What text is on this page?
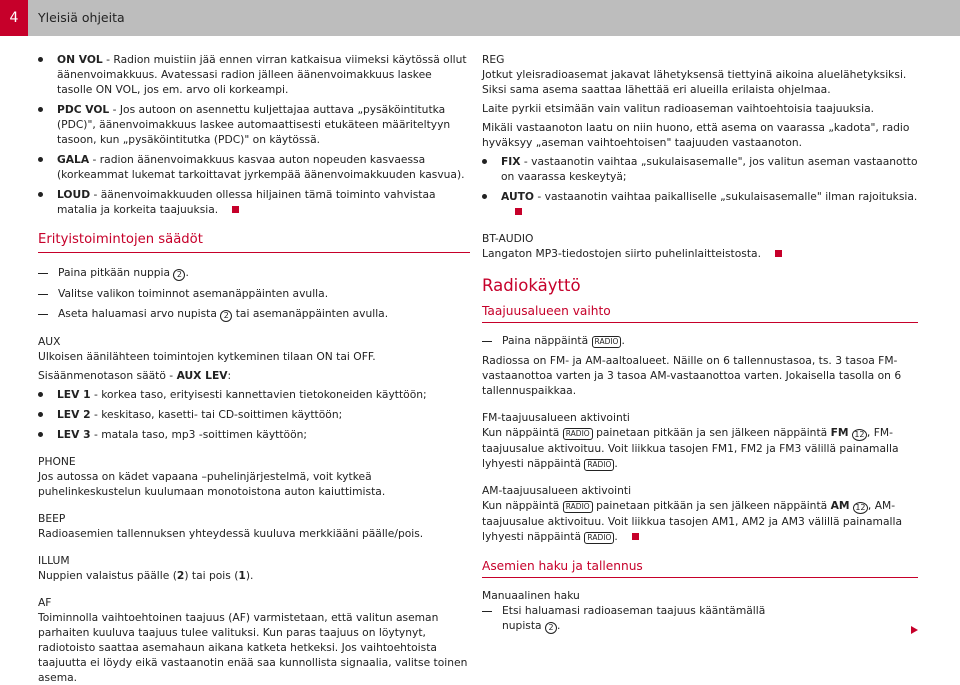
4	Yleisiä ohjeita
ON VOL - Radion muistiin jää ennen virran katkaisua viimeksi käytössä ollut äänenvoimakkuus. Avatessasi radion jälleen äänenvoimakkuus laskee tasolle ON VOL, jos em. arvo oli korkeampi.
PDC VOL - Jos autoon on asennettu kuljettajaa auttava „pysäköintitutka (PDC)", äänenvoimakkuus laskee automaattisesti etukäteen määriteltyyn tasoon, kun „pysäköintitutka (PDC)" on käytössä.
GALA - radion äänenvoimakkuus kasvaa auton nopeuden kasvaessa (korkeammat lukemat tarkoittavat jyrkempää äänenvoimakkuuden kasvua).
LOUD - äänenvoimakkuuden ollessa hiljainen tämä toiminto vahvistaa matalia ja korkeita taajuuksia.
Erityistoimintojen säädöt
Paina pitkään nuppia 2 .
Valitse valikon toiminnot asemanäppäinten avulla.
Aseta haluamasi arvo nupista 2 tai asemanäppäinten avulla.
AUX
Ulkoisen äänilähteen toimintojen kytkeminen tilaan ON tai OFF.
Sisäänmenotason säätö - AUX LEV:
LEV 1 - korkea taso, erityisesti kannettavien tietokoneiden käyttöön;
LEV 2 - keskitaso, kasetti- tai CD-soittimen käyttöön;
LEV 3 - matala taso, mp3 -soittimen käyttöön;
PHONE
Jos autossa on kädet vapaana –puhelinjärjestelmä, voit kytkeä puhelinkeskustelun kuulumaan monotoistona auton kaiuttimista.
BEEP
Radioasemien tallennuksen yhteydessä kuuluva merkkiääni päälle/pois.
ILLUM
Nuppien valaistus päälle (2) tai pois (1).
AF
Toiminnolla vaihtoehtoinen taajuus (AF) varmistetaan, että valitun aseman parhaiten kuuluva taajuus tulee valituksi. Kun paras taajuus on löytynyt, radiotoisto saattaa asemahaun aikana katketa hetkeksi. Jos vaihtoehtoista taajuutta ei löydy eikä vastaanotin enää saa kunnollista signaalia, valitse toinen asema.
REG
Jotkut yleisradioasemat jakavat lähetyksensä tiettyinä aikoina aluelähetyksiksi. Siksi sama asema saattaa lähettää eri alueilla erilaista ohjelmaa.
Laite pyrkii etsimään vain valitun radioaseman vaihtoehtoisia taajuuksia.
Mikäli vastaanoton laatu on niin huono, että asema on vaarassa „kadota", radio hyväksyy „aseman vaihtoehtoisen" taajuuden vastaanoton.
FIX - vastaanotin vaihtaa „sukulaisasemalle", jos valitun aseman vastaanotto on vaarassa keskeytyä;
AUTO - vastaanotin vaihtaa paikalliselle „sukulaisasemalle" ilman rajoituksia.
BT-AUDIO
Langaton MP3-tiedostojen siirto puhelinlaitteistosta.
Radiokäyttö
Taajuusalueen vaihto
Paina näppäintä RADIO .
Radiossa on FM- ja AM-aaltoalueet. Näille on 6 tallennustasoa, ts. 3 tasoa FM-vastaanottoa varten ja 3 tasoa AM-vastaanottoa varten. Jokaisella tasolla on 6 tallennuspaikkaa.
FM-taajuusalueen aktivointi
Kun näppäintä RADIO painetaan pitkään ja sen jälkeen näppäintä FM 12 , FM-taajuusalue aktivoituu. Voit liikkua tasojen FM1, FM2 ja FM3 välillä painamalla lyhyesti näppäintä RADIO .
AM-taajuusalueen aktivointi
Kun näppäintä RADIO painetaan pitkään ja sen jälkeen näppäintä AM 12 , AM-taajuusalue aktivoituu. Voit liikkua tasojen AM1, AM2 ja AM3 välillä painamalla lyhyesti näppäintä RADIO .
Asemien haku ja tallennus
Manuaalinen haku
Etsi haluamasi radioaseman taajuus kääntämällä nupista 2 .
